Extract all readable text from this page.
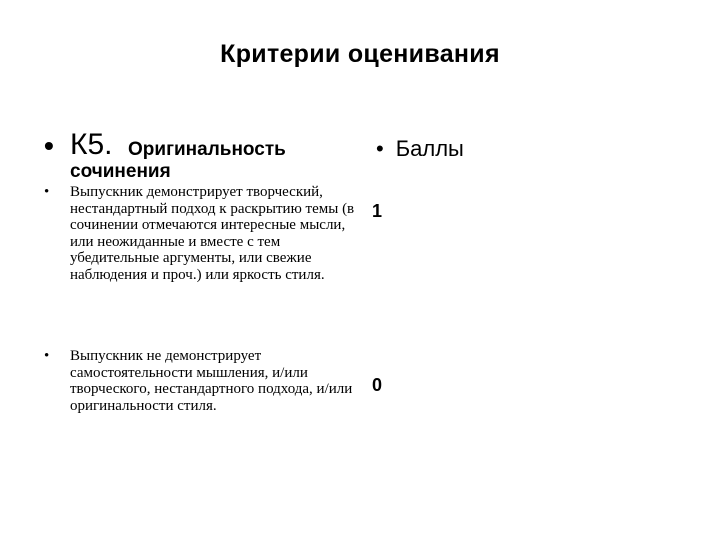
Критерии оценивания
• К5. Оригинальность
сочинения
• Баллы
• Выпускник демонстрирует творческий, нестандартный подход к раскрытию темы (в сочинении отмечаются интересные мысли, или неожиданные и вместе с тем убедительные аргументы, или свежие наблюдения и проч.) или яркость стиля.
1
• Выпускник не демонстрирует самостоятельности мышления, и/или творческого, нестандартного подхода, и/или оригинальности стиля.
0
